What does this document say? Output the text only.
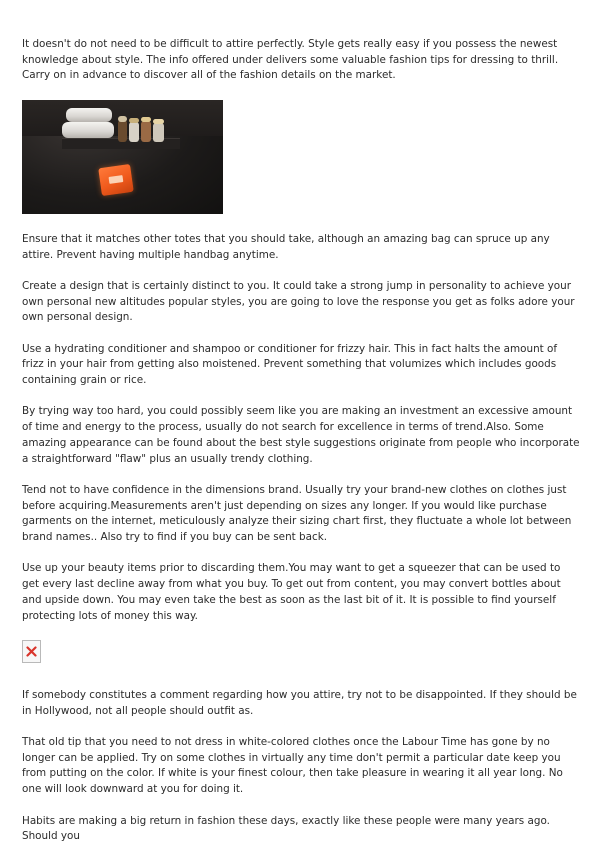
It doesn't do not need to be difficult to attire perfectly. Style gets really easy if you possess the newest knowledge about style. The info offered under delivers some valuable fashion tips for dressing to thrill. Carry on in advance to discover all of the fashion details on the market.

Ensure that it matches other totes that you should take, although an amazing bag can spruce up any attire. Prevent having multiple handbag anytime.

Create a design that is certainly distinct to you. It could take a strong jump in personality to achieve your own personal new altitudes popular styles, you are going to love the response you get as folks adore your own personal design.

Use a hydrating conditioner and shampoo or conditioner for frizzy hair. This in fact halts the amount of frizz in your hair from getting also moistened. Prevent something that volumizes which includes goods containing grain or rice.

By trying way too hard, you could possibly seem like you are making an investment an excessive amount of time and energy to the process, usually do not search for excellence in terms of trend.Also. Some amazing appearance can be found about the best style suggestions originate from people who incorporate a straightforward "flaw" plus an usually trendy clothing.

Tend not to have confidence in the dimensions brand. Usually try your brand-new clothes on clothes just before acquiring.Measurements aren't just depending on sizes any longer. If you would like purchase garments on the internet, meticulously analyze their sizing chart first, they fluctuate a whole lot between brand names.. Also try to find if you buy can be sent back.

Use up your beauty items prior to discarding them.You may want to get a squeezer that can be used to get every last decline away from what you buy. To get out from content, you may convert bottles about and upside down. You may even take the best as soon as the last bit of it. It is possible to find yourself protecting lots of money this way.

If somebody constitutes a comment regarding how you attire, try not to be disappointed. If they should be in Hollywood, not all people should outfit as.

That old tip that you need to not dress in white-colored clothes once the Labour Time has gone by no longer can be applied. Try on some clothes in virtually any time don't permit a particular date keep you from putting on the color. If white is your finest colour, then take pleasure in wearing it all year long. No one will look downward at you for doing it.

Habits are making a big return in fashion these days, exactly like these people were many years ago. Should you
